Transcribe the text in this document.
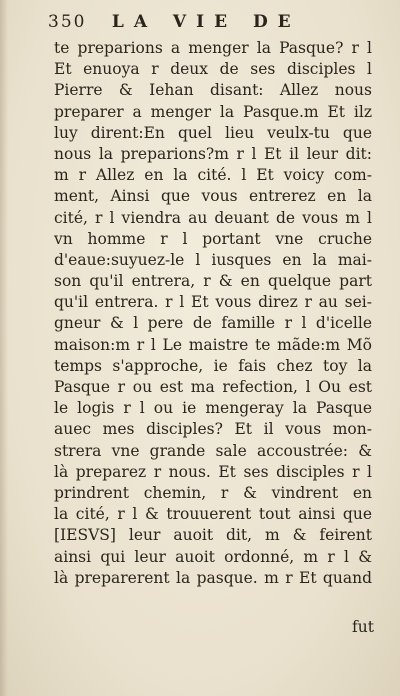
350 LA VIE DE
te preparions a menger la Pasque? r l
Et enuoya r deux de ses disciples l
Pierre & Iehan disant: Allez nous
preparer a menger la Pasque.m Et ilz
luy dirent:En quel lieu veulx-tu que
nous la preparions?m r l Et il leur dit:
m r Allez en la cité. l Et voicy com-
ment, Ainsi que vous entrerez en la
cité, r l viendra au deuant de vous m l
vn homme r l portant vne cruche
d'eaue:suyuez-le l iusques en la mai-
son qu'il entrera, r & en quelque part
qu'il entrera. r l Et vous direz r au sei-
gneur & l pere de famille r l d'icelle
maison:m r l Le maistre te mãde:m Mõ
temps s'approche, ie fais chez toy la
Pasque r ou est ma refection, l Ou est
le logis r l ou ie mengeray la Pasque
auec mes disciples? Et il vous mon-
strera vne grande sale accoustrée: &
là preparez r nous. Et ses disciples r l
prindrent chemin, r & vindrent en
la cité, r l & trouuerent tout ainsi que
[IESVS] leur auoit dit, m & feirent
ainsi qui leur auoit ordonné, m r l &
là preparerent la pasque. m r Et quand
fut
